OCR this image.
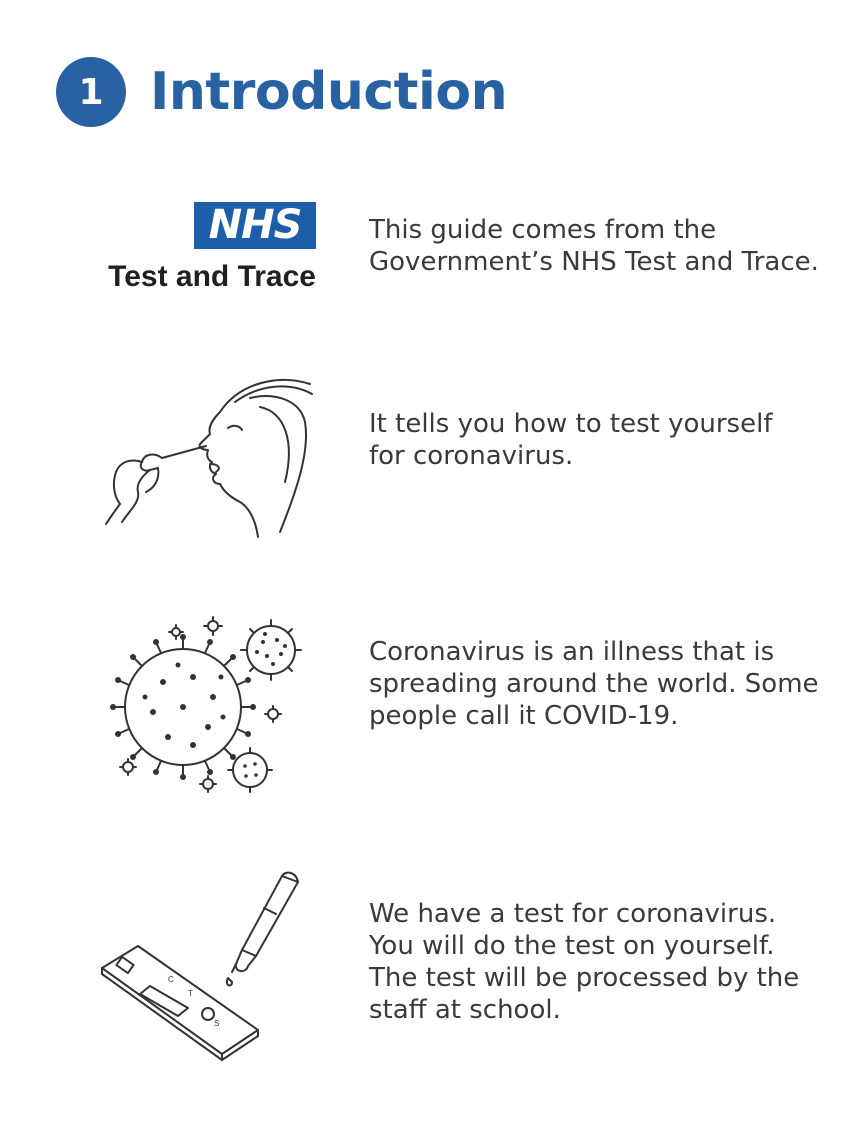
1 Introduction
NHS
Test and Trace
This guide comes from the
Government’s NHS Test and Trace.
It tells you how to test yourself
for coronavirus.
Coronavirus is an illness that is
spreading around the world. Some
people call it COVID-19.
C
T
S
We have a test for coronavirus.
You will do the test on yourself.
The test will be processed by the
staff at school.
